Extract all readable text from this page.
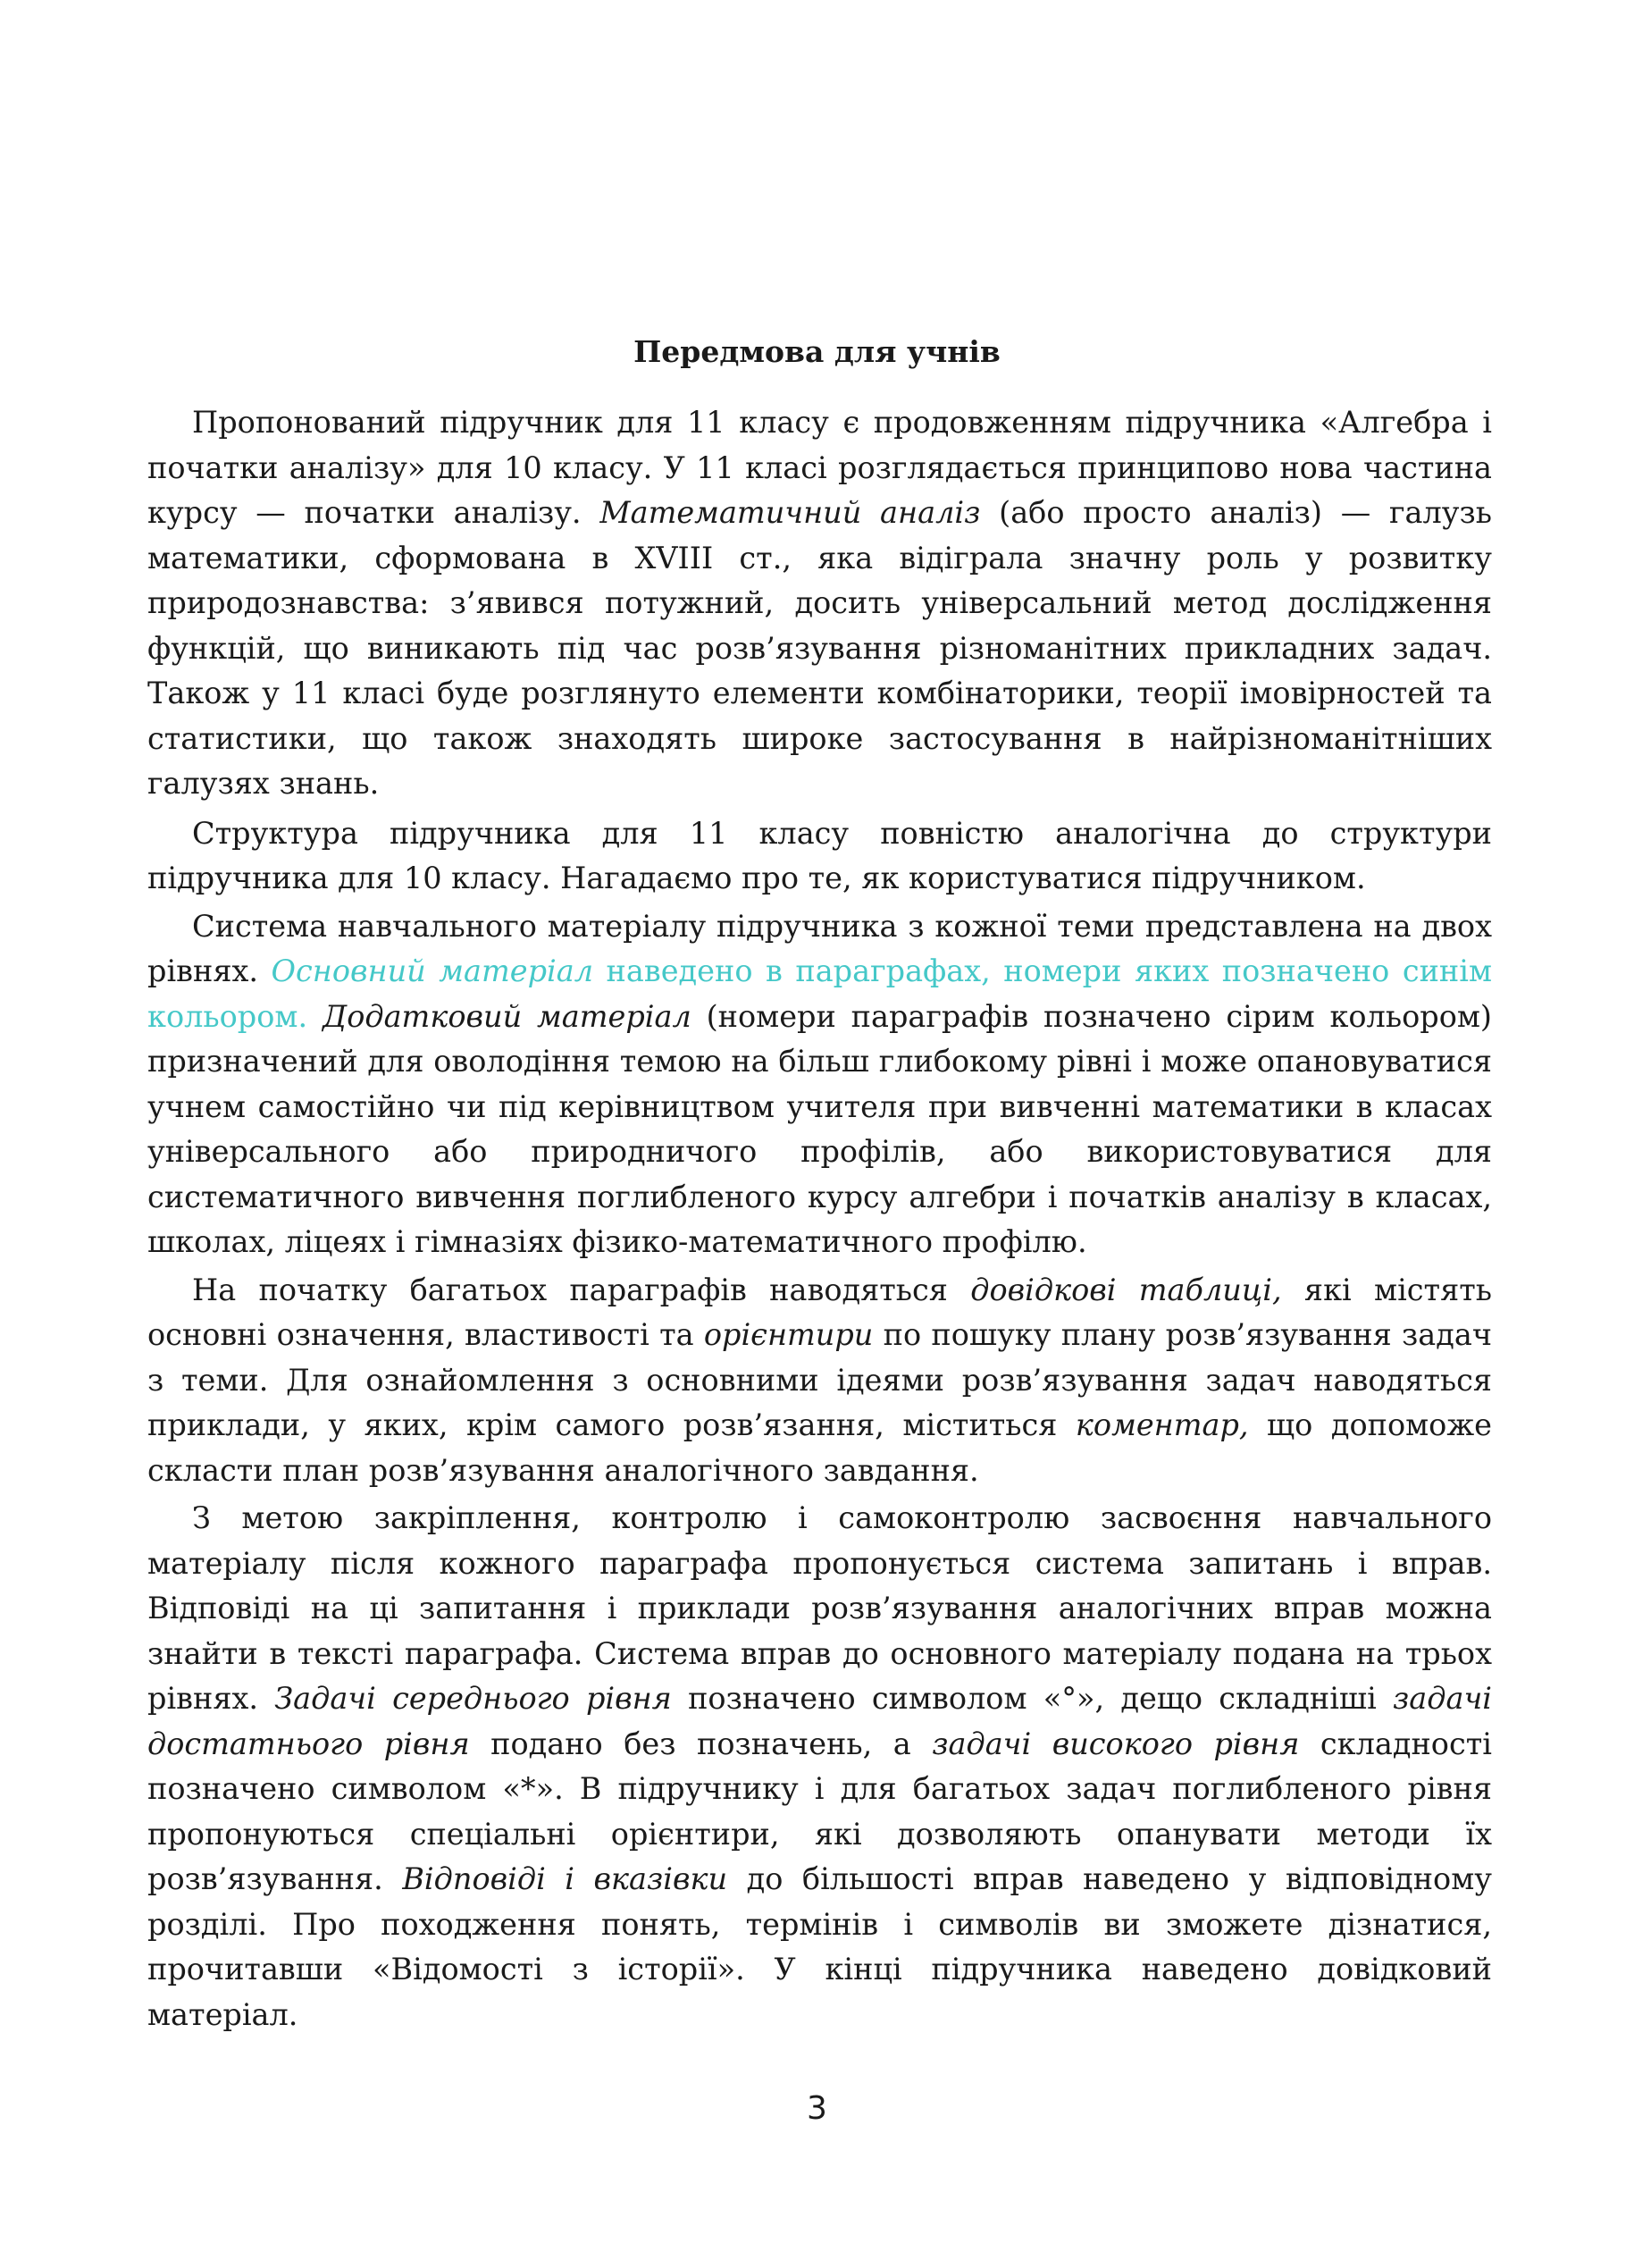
Передмова для учнів

Пропонований підручник для 11 класу є продовженням підручника «Алгебра і початки аналізу» для 10 класу. У 11 класі розглядається принципово нова частина курсу — початки аналізу. Математичний аналіз (або просто аналіз) — галузь математики, сформована в XVIII ст., яка відіграла значну роль у розвитку природознавства: з’явився потужний, досить універсальний метод дослідження функцій, що виникають під час розв’язування різноманітних прикладних задач. Також у 11 класі буде розглянуто елементи комбінаторики, теорії імовірностей та статистики, що також знаходять широке застосування в найрізноманітніших галузях знань.

Структура підручника для 11 класу повністю аналогічна до структури підручника для 10 класу. Нагадаємо про те, як користуватися підручником.

Система навчального матеріалу підручника з кожної теми представлена на двох рівнях. Основний матеріал наведено в параграфах, номери яких позначено синім кольором. Додатковий матеріал (номери параграфів позначено сірим кольором) призначений для оволодіння темою на більш глибокому рівні і може опановуватися учнем самостійно чи під керівництвом учителя при вивченні математики в класах універсального або природничого профілів, або використовуватися для систематичного вивчення поглибленого курсу алгебри і початків аналізу в класах, школах, ліцеях і гімназіях фізико-математичного профілю.

На початку багатьох параграфів наводяться довідкові таблиці, які містять основні означення, властивості та орієнтири по пошуку плану розв’язування задач з теми. Для ознайомлення з основними ідеями розв’язування задач наводяться приклади, у яких, крім самого розв’язання, міститься коментар, що допоможе скласти план розв’язування аналогічного завдання.

З метою закріплення, контролю і самоконтролю засвоєння навчального матеріалу після кожного параграфа пропонується система запитань і вправ. Відповіді на ці запитання і приклади розв’язування аналогічних вправ можна знайти в тексті параграфа. Система вправ до основного матеріалу подана на трьох рівнях. Задачі середнього рівня позначено символом «°», дещо складніші задачі достатнього рівня подано без позначень, а задачі високого рівня складності позначено символом «*». В підручнику і для багатьох задач поглибленого рівня пропонуються спеціальні орієнтири, які дозволяють опанувати методи їх розв’язування. Відповіді і вказівки до більшості вправ наведено у відповідному розділі. Про походження понять, термінів і символів ви зможете дізнатися, прочитавши «Відомості з історії». У кінці підручника наведено довідковий матеріал.

3
